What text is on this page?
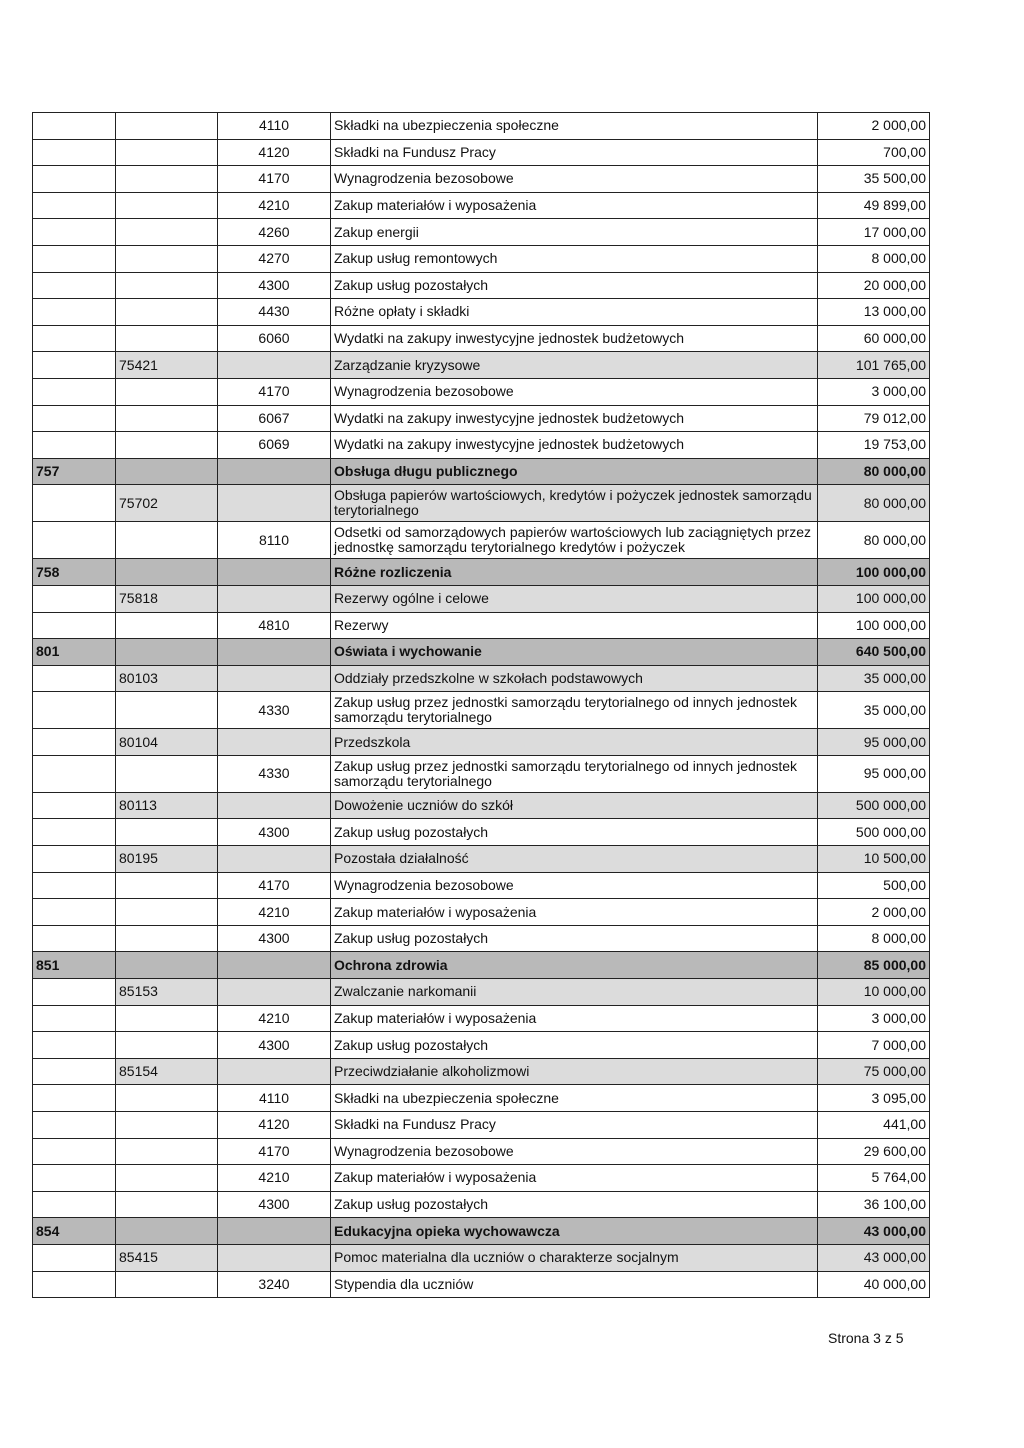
		4110	Składki na ubezpieczenia społeczne	2 000,00
		4120	Składki na Fundusz Pracy	700,00
		4170	Wynagrodzenia bezosobowe	35 500,00
		4210	Zakup materiałów i wyposażenia	49 899,00
		4260	Zakup energii	17 000,00
		4270	Zakup usług remontowych	8 000,00
		4300	Zakup usług pozostałych	20 000,00
		4430	Różne opłaty i składki	13 000,00
		6060	Wydatki na zakupy inwestycyjne jednostek budżetowych	60 000,00
	75421		Zarządzanie kryzysowe	101 765,00
		4170	Wynagrodzenia bezosobowe	3 000,00
		6067	Wydatki na zakupy inwestycyjne jednostek budżetowych	79 012,00
		6069	Wydatki na zakupy inwestycyjne jednostek budżetowych	19 753,00
757			Obsługa długu publicznego	80 000,00
	75702		Obsługa papierów wartościowych, kredytów i pożyczek jednostek samorządu terytorialnego	80 000,00
		8110	Odsetki od samorządowych papierów wartościowych lub zaciągniętych przez jednostkę samorządu terytorialnego kredytów i pożyczek	80 000,00
758			Różne rozliczenia	100 000,00
	75818		Rezerwy ogólne i celowe	100 000,00
		4810	Rezerwy	100 000,00
801			Oświata i wychowanie	640 500,00
	80103		Oddziały przedszkolne w szkołach podstawowych	35 000,00
		4330	Zakup usług przez jednostki samorządu terytorialnego od innych jednostek samorządu terytorialnego	35 000,00
	80104		Przedszkola	95 000,00
		4330	Zakup usług przez jednostki samorządu terytorialnego od innych jednostek samorządu terytorialnego	95 000,00
	80113		Dowożenie uczniów do szkół	500 000,00
		4300	Zakup usług pozostałych	500 000,00
	80195		Pozostała działalność	10 500,00
		4170	Wynagrodzenia bezosobowe	500,00
		4210	Zakup materiałów i wyposażenia	2 000,00
		4300	Zakup usług pozostałych	8 000,00
851			Ochrona zdrowia	85 000,00
	85153		Zwalczanie narkomanii	10 000,00
		4210	Zakup materiałów i wyposażenia	3 000,00
		4300	Zakup usług pozostałych	7 000,00
	85154		Przeciwdziałanie alkoholizmowi	75 000,00
		4110	Składki na ubezpieczenia społeczne	3 095,00
		4120	Składki na Fundusz Pracy	441,00
		4170	Wynagrodzenia bezosobowe	29 600,00
		4210	Zakup materiałów i wyposażenia	5 764,00
		4300	Zakup usług pozostałych	36 100,00
854			Edukacyjna opieka wychowawcza	43 000,00
	85415		Pomoc materialna dla uczniów o charakterze socjalnym	43 000,00
		3240	Stypendia dla uczniów	40 000,00
Strona 3 z 5
